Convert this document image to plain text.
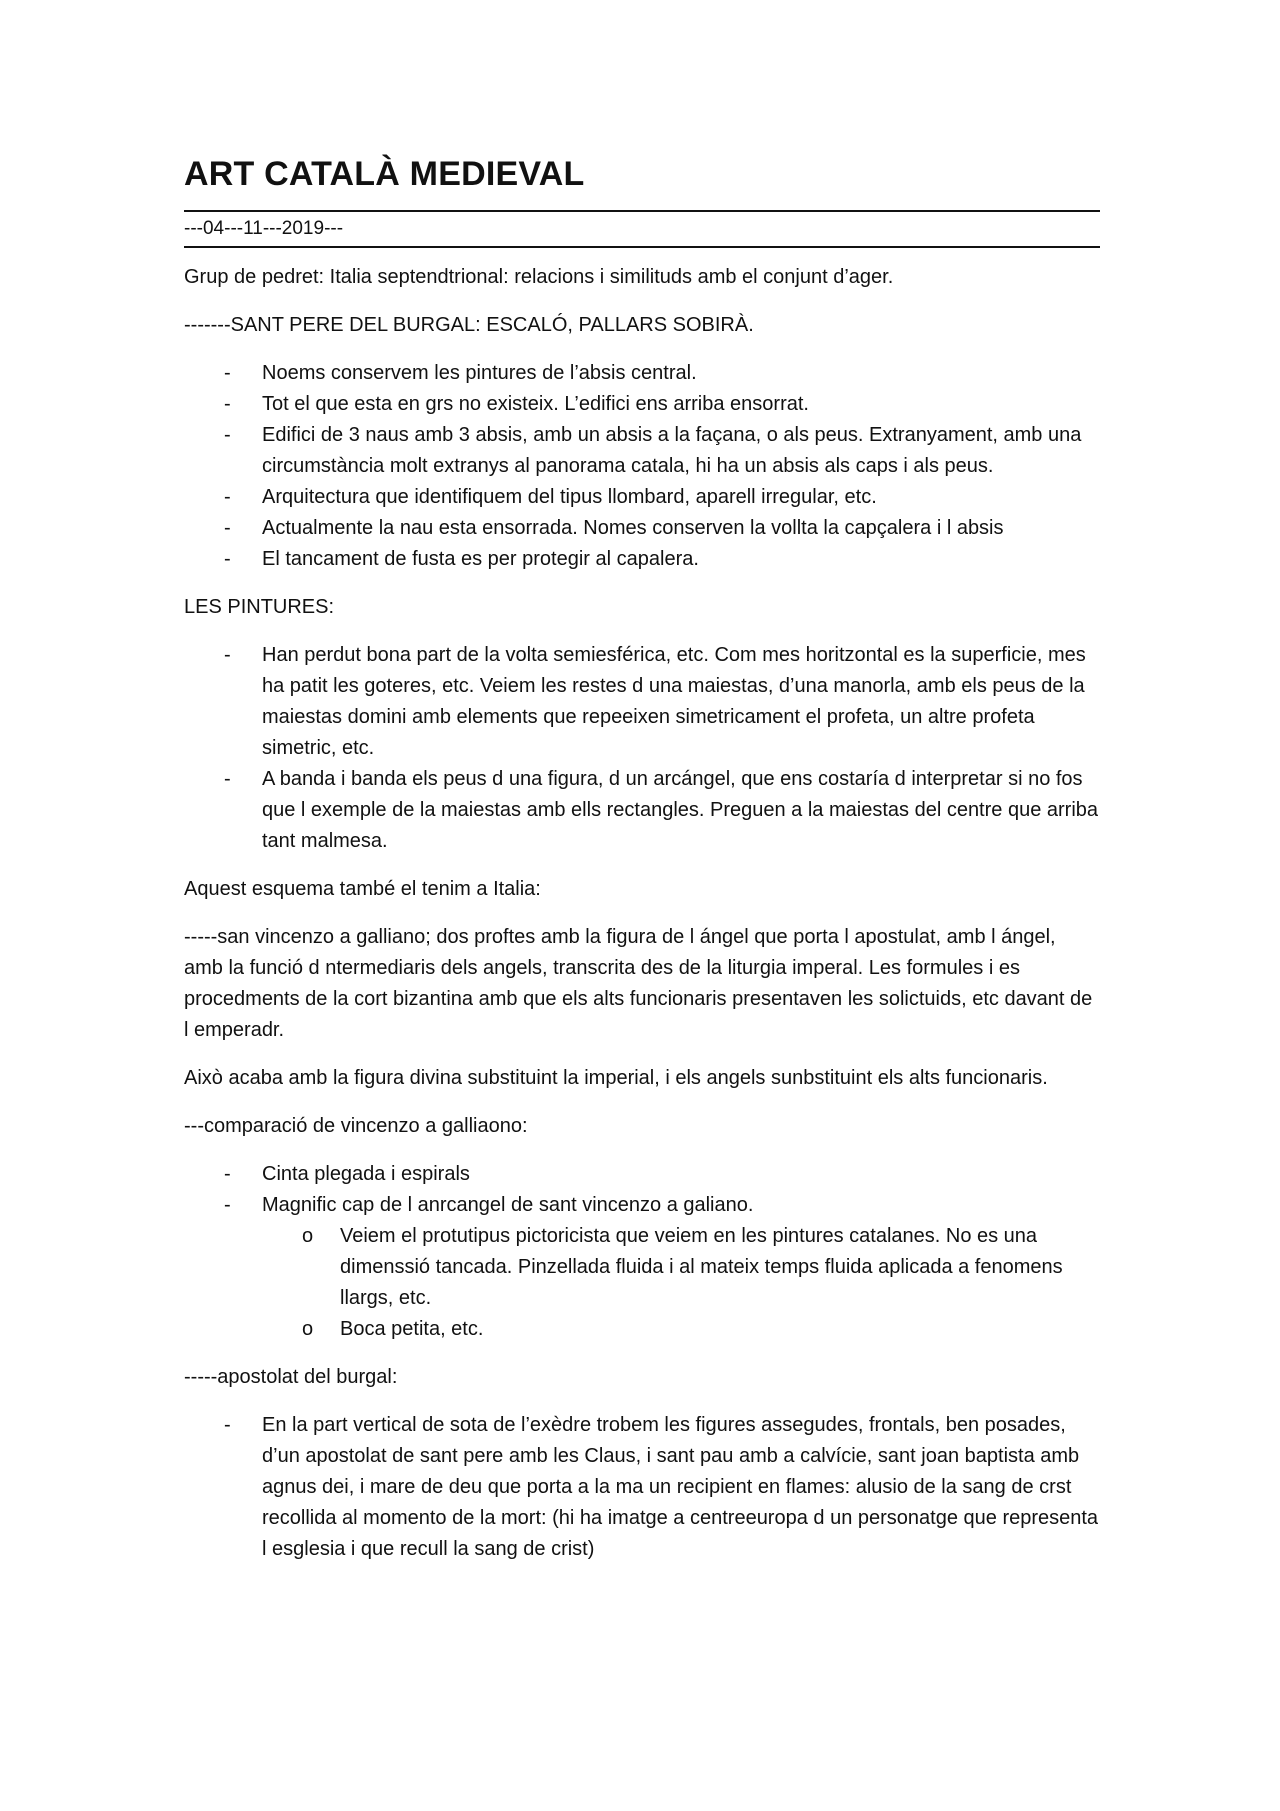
ART CATALÀ MEDIEVAL
---04---11---2019---

Grup de pedret: Italia septendtrional: relacions i similituds amb el conjunt d’ager.

-------SANT PERE DEL BURGAL: ESCALÓ, PALLARS SOBIRÀ.

- Noems conservem les pintures de l’absis central.
- Tot el que esta en grs no existeix. L’edifici ens arriba ensorrat.
- Edifici de 3 naus amb 3 absis, amb un absis a la façana, o als peus. Extranyament, amb una circumstància molt extranys al panorama catala, hi ha un absis als caps i als peus.
- Arquitectura que identifiquem del tipus llombard, aparell irregular, etc.
- Actualmente la nau esta ensorrada. Nomes conserven la vollta la capçalera i l absis
- El tancament de fusta es per protegir al capalera.

LES PINTURES:

- Han perdut bona part de la volta semiesférica, etc. Com mes horitzontal es la superficie, mes ha patit les goteres, etc. Veiem les restes d una maiestas, d’una manorla, amb els peus de la maiestas domini amb elements que repeeixen simetricament el profeta, un altre profeta simetric, etc.
- A banda i banda els peus d una figura, d un arcángel, que ens costaría d interpretar si no fos que l exemple de la maiestas amb ells rectangles. Preguen a la maiestas del centre que arriba tant malmesa.

Aquest esquema també el tenim a Italia:

-----san vincenzo a galliano; dos proftes amb la figura de l ángel que porta l apostulat, amb l ángel, amb la funció d ntermediaris dels angels, transcrita des de la liturgia imperal. Les formules i es procedments de la cort bizantina amb que els alts funcionaris presentaven les solictuids, etc davant de l emperadr.

Això acaba amb la figura divina substituint la imperial, i els angels sunbstituint els alts funcionaris.

---comparació de vincenzo a galliaono:

- Cinta plegada i espirals
- Magnific cap de l anrcangel de sant vincenzo a galiano.
o Veiem el protutipus pictoricista que veiem en les pintures catalanes. No es una dimenssió tancada. Pinzellada fluida i al mateix temps fluida aplicada a fenomens llargs, etc.
o Boca petita, etc.

-----apostolat del burgal:

- En la part vertical de sota de l’exèdre trobem les figures assegudes, frontals, ben posades, d’un apostolat de sant pere amb les Claus, i sant pau amb a calvície, sant joan baptista amb agnus dei, i mare de deu que porta a la ma un recipient en flames: alusio de la sang de crst recollida al momento de la mort: (hi ha imatge a centreeuropa d un personatge que representa l esglesia i que recull la sang de crist)
